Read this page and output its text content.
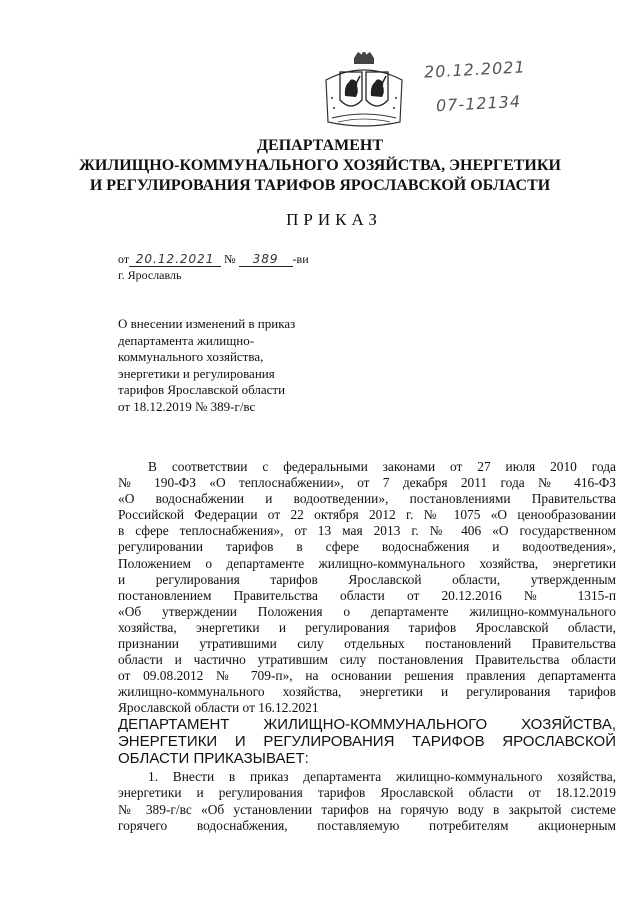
20.12.2021
07-12134
ДЕПАРТАМЕНТ
ЖИЛИЩНО-КОММУНАЛЬНОГО ХОЗЯЙСТВА, ЭНЕРГЕТИКИ
И РЕГУЛИРОВАНИЯ ТАРИФОВ ЯРОСЛАВСКОЙ ОБЛАСТИ
ПРИКАЗ
от 20.12.2021 № 389 -ви
г. Ярославль
О внесении изменений в приказ
департамента жилищно-
коммунального хозяйства,
энергетики и регулирования
тарифов Ярославской области
от 18.12.2019 № 389-г/вс
В соответствии с федеральными законами от 27 июля 2010 года
№ 190-ФЗ «О теплоснабжении», от 7 декабря 2011 года № 416-ФЗ
«О водоснабжении и водоотведении», постановлениями Правительства
Российской Федерации от 22 октября 2012 г. № 1075 «О ценообразовании
в сфере теплоснабжения», от 13 мая 2013 г. № 406 «О государственном
регулировании тарифов в сфере водоснабжения и водоотведения»,
Положением о департаменте жилищно-коммунального хозяйства, энергетики
и регулирования тарифов Ярославской области, утвержденным
постановлением Правительства области от 20.12.2016 № 1315-п
«Об утверждении Положения о департаменте жилищно-коммунального
хозяйства, энергетики и регулирования тарифов Ярославской области,
признании утратившими силу отдельных постановлений Правительства
области и частично утратившим силу постановления Правительства области
от 09.08.2012 № 709-п», на основании решения правления департамента
жилищно-коммунального хозяйства, энергетики и регулирования тарифов
Ярославской области от 16.12.2021
ДЕПАРТАМЕНТ ЖИЛИЩНО-КОММУНАЛЬНОГО ХОЗЯЙСТВА,
ЭНЕРГЕТИКИ И РЕГУЛИРОВАНИЯ ТАРИФОВ ЯРОСЛАВСКОЙ
ОБЛАСТИ ПРИКАЗЫВАЕТ:
1. Внести в приказ департамента жилищно-коммунального хозяйства,
энергетики и регулирования тарифов Ярославской области от 18.12.2019
№ 389-г/вс «Об установлении тарифов на горячую воду в закрытой системе
горячего водоснабжения, поставляемую потребителям акционерным
